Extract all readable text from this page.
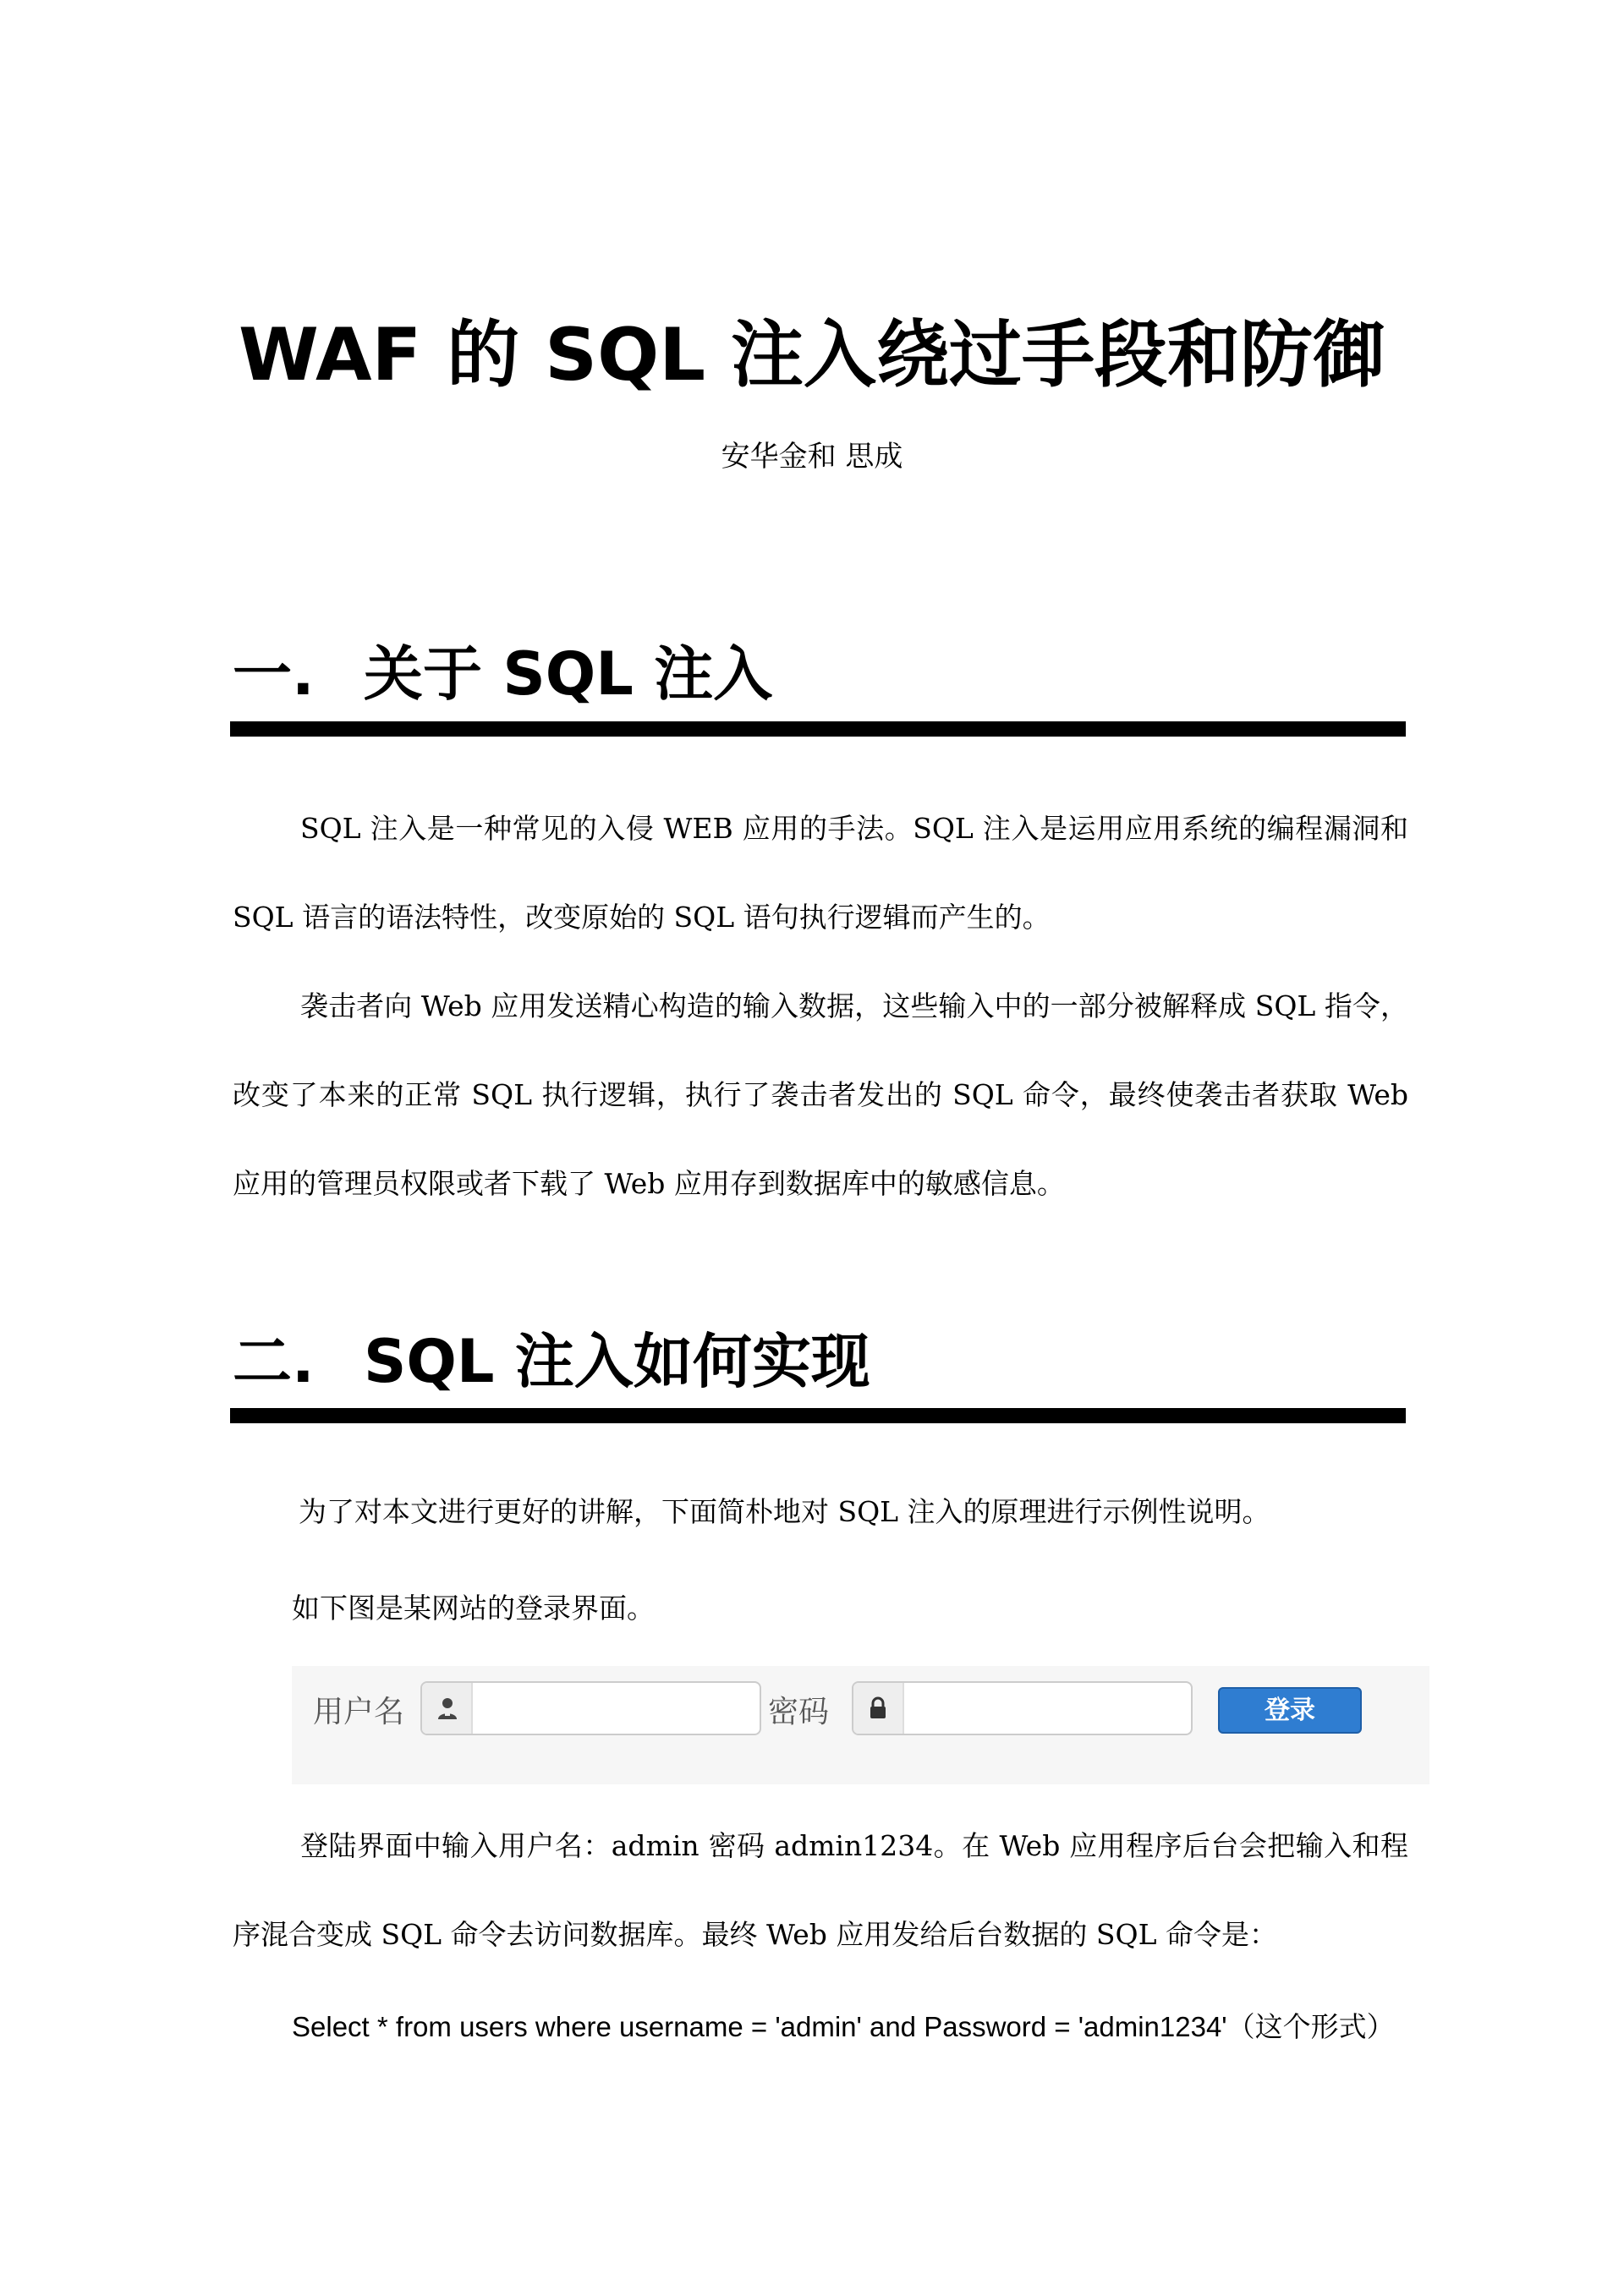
WAF 的 SQL 注入绕过手段和防御
安华金和 思成
一. 关于 SQL 注入

SQL 注入是一种常见的入侵 WEB 应用的手法。SQL 注入是运用应用系统的编程漏洞和 SQL 语言的语法特性，改变原始的 SQL 语句执行逻辑而产生的。

袭击者向 Web 应用发送精心构造的输入数据，这些输入中的一部分被解释成 SQL 指令，改变了本来的正常 SQL 执行逻辑，执行了袭击者发出的 SQL 命令，最终使袭击者获取 Web 应用的管理员权限或者下载了 Web 应用存到数据库中的敏感信息。

二. SQL 注入如何实现

为了对本文进行更好的讲解，下面简朴地对 SQL 注入的原理进行示例性说明。

如下图是某网站的登录界面。

用户名	密码	登录

登陆界面中输入用户名：admin 密码 admin1234。在 Web 应用程序后台会把输入和程序混合变成 SQL 命令去访问数据库。最终 Web 应用发给后台数据的 SQL 命令是：

Select * from users where username = 'admin' and Password = 'admin1234'（这个形式）
